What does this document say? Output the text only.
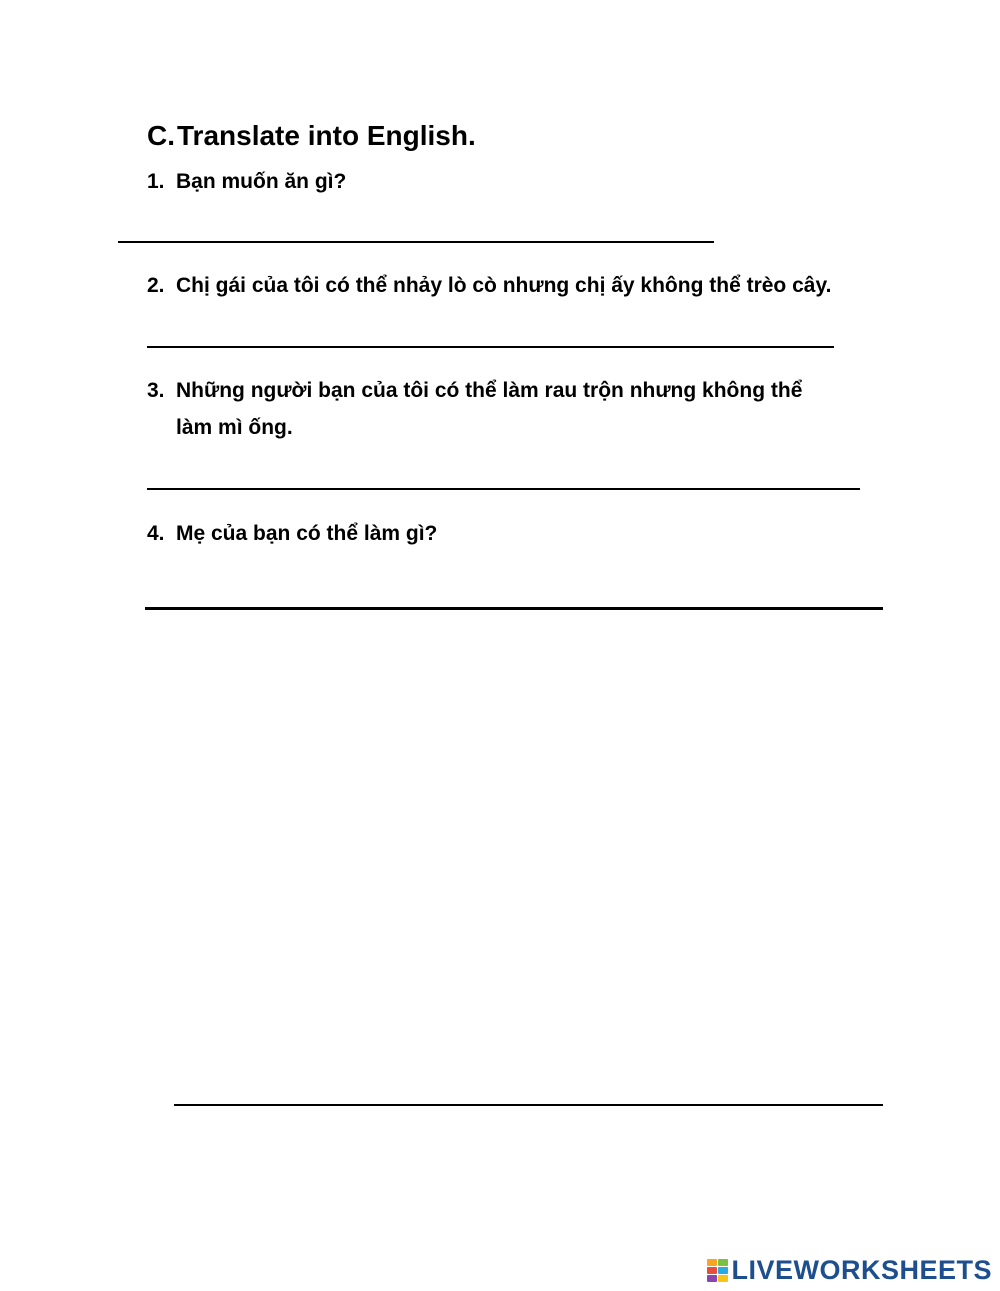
C.Translate into English.
1. Bạn muốn ăn gì?
2. Chị gái của tôi có thể nhảy lò cò nhưng chị ấy không thể trèo cây.
3. Những người bạn của tôi có thể làm rau trộn nhưng không thể
làm mì ống.
4. Mẹ của bạn có thể làm gì?
LIVEWORKSHEETS
